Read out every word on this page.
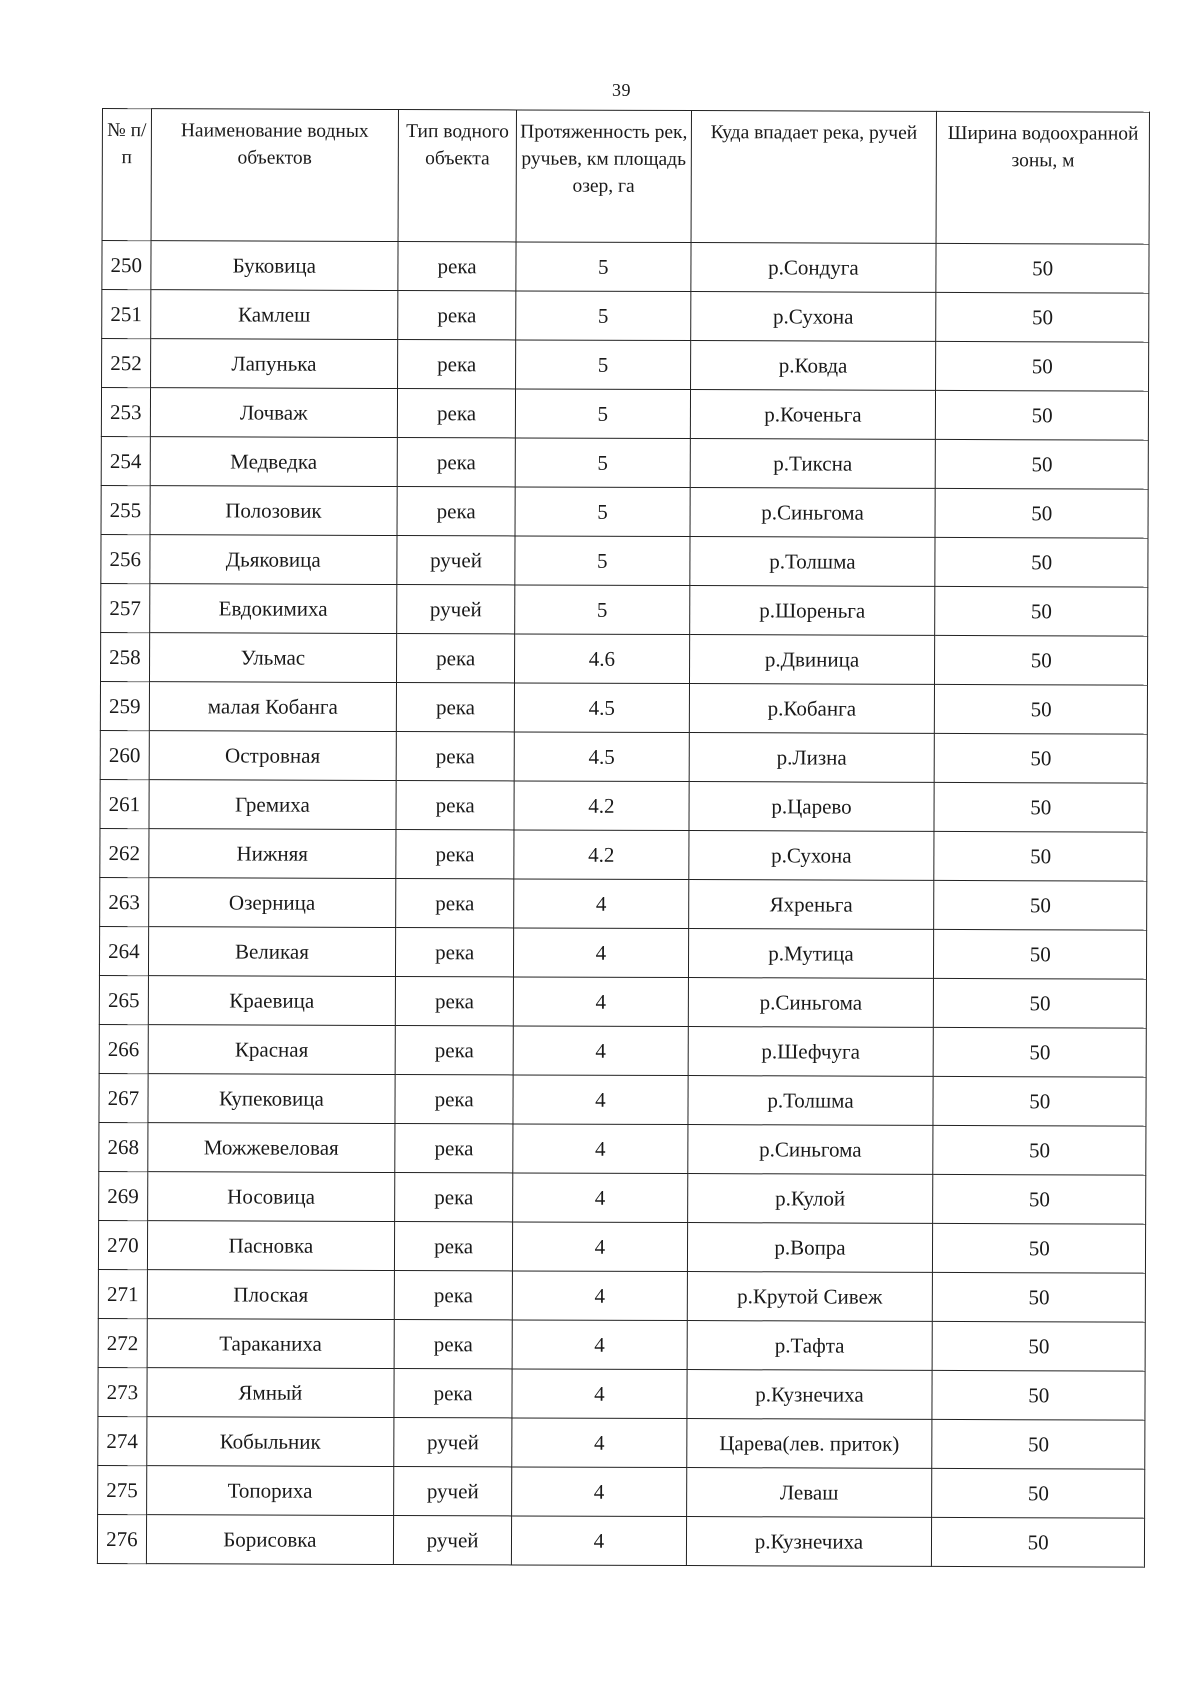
39
№ п/п	Наименование водных объектов	Тип водного объекта	Протяженность рек, ручьев, км площадь озер, га	Куда впадает река, ручей	Ширина водоохранной зоны, м
250	Буковица	река	5	р.Сондуга	50
251	Камлеш	река	5	р.Сухона	50
252	Лапунька	река	5	р.Ковда	50
253	Лочваж	река	5	р.Коченьга	50
254	Медведка	река	5	р.Тиксна	50
255	Полозовик	река	5	р.Синьгома	50
256	Дьяковица	ручей	5	р.Толшма	50
257	Евдокимиха	ручей	5	р.Шореньга	50
258	Ульмас	река	4.6	р.Двиница	50
259	малая Кобанга	река	4.5	р.Кобанга	50
260	Островная	река	4.5	р.Лизна	50
261	Гремиха	река	4.2	р.Царево	50
262	Нижняя	река	4.2	р.Сухона	50
263	Озерница	река	4	Яхреньга	50
264	Великая	река	4	р.Мутица	50
265	Краевица	река	4	р.Синьгома	50
266	Красная	река	4	р.Шефчуга	50
267	Купековица	река	4	р.Толшма	50
268	Можжевеловая	река	4	р.Синьгома	50
269	Носовица	река	4	р.Кулой	50
270	Пасновка	река	4	р.Вопра	50
271	Плоская	река	4	р.Крутой Сивеж	50
272	Тараканиха	река	4	р.Тафта	50
273	Ямный	река	4	р.Кузнечиха	50
274	Кобыльник	ручей	4	Царева(лев. приток)	50
275	Топориха	ручей	4	Леваш	50
276	Борисовка	ручей	4	р.Кузнечиха	50
